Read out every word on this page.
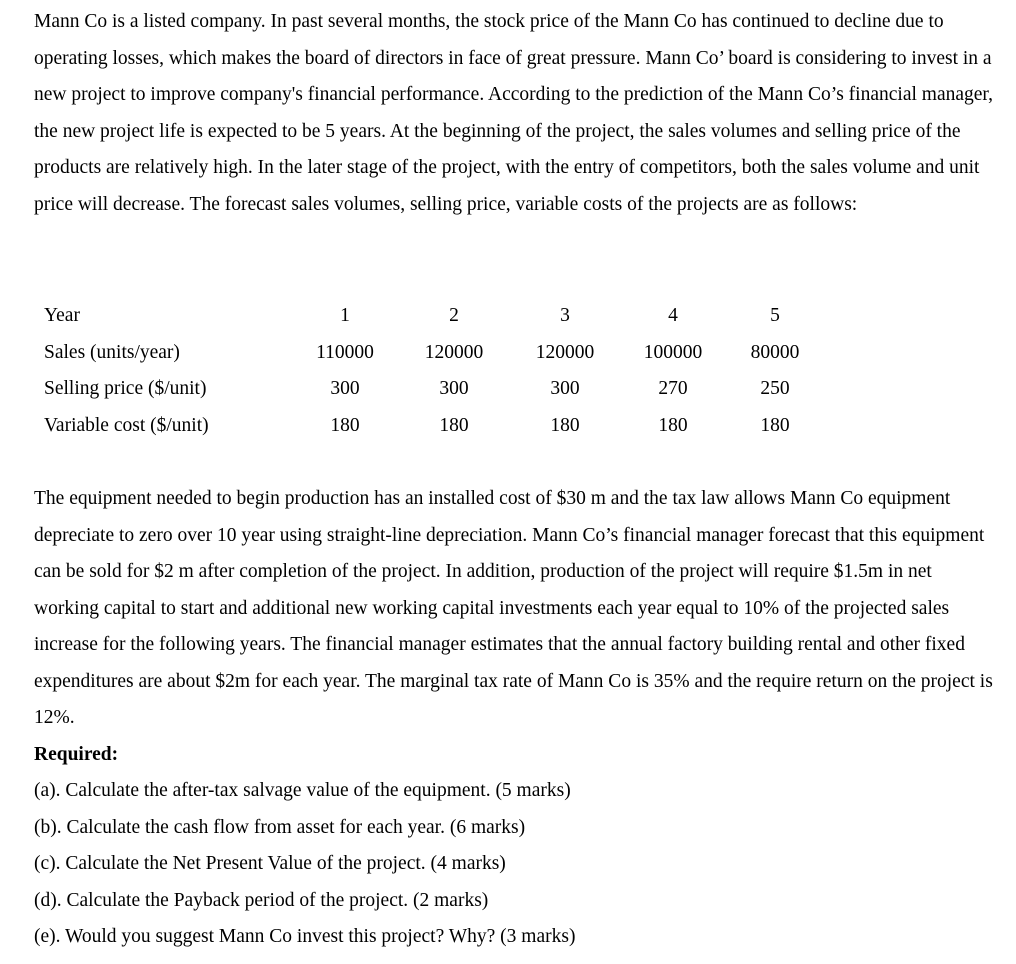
Mann Co is a listed company. In past several months, the stock price of the Mann Co has continued to decline due to operating losses, which makes the board of directors in face of great pressure. Mann Co’ board is considering to invest in a new project to improve company's financial performance. According to the prediction of the Mann Co’s financial manager, the new project life is expected to be 5 years. At the beginning of the project, the sales volumes and selling price of the products are relatively high. In the later stage of the project, with the entry of competitors, both the sales volume and unit price will decrease. The forecast sales volumes, selling price, variable costs of the projects are as follows:

Year	1	2	3	4	5
Sales (units/year)	110000	120000	120000	100000	80000
Selling price ($/unit)	300	300	300	270	250
Variable cost ($/unit)	180	180	180	180	180

The equipment needed to begin production has an installed cost of $30 m and the tax law allows Mann Co equipment depreciate to zero over 10 year using straight-line depreciation. Mann Co’s financial manager forecast that this equipment can be sold for $2 m after completion of the project. In addition, production of the project will require $1.5m in net working capital to start and additional new working capital investments each year equal to 10% of the projected sales increase for the following years. The financial manager estimates that the annual factory building rental and other fixed expenditures are about $2m for each year. The marginal tax rate of Mann Co is 35% and the require return on the project is 12%.

Required:
(a). Calculate the after-tax salvage value of the equipment. (5 marks)
(b). Calculate the cash flow from asset for each year. (6 marks)
(c). Calculate the Net Present Value of the project. (4 marks)
(d). Calculate the Payback period of the project. (2 marks)
(e). Would you suggest Mann Co invest this project? Why? (3 marks)
